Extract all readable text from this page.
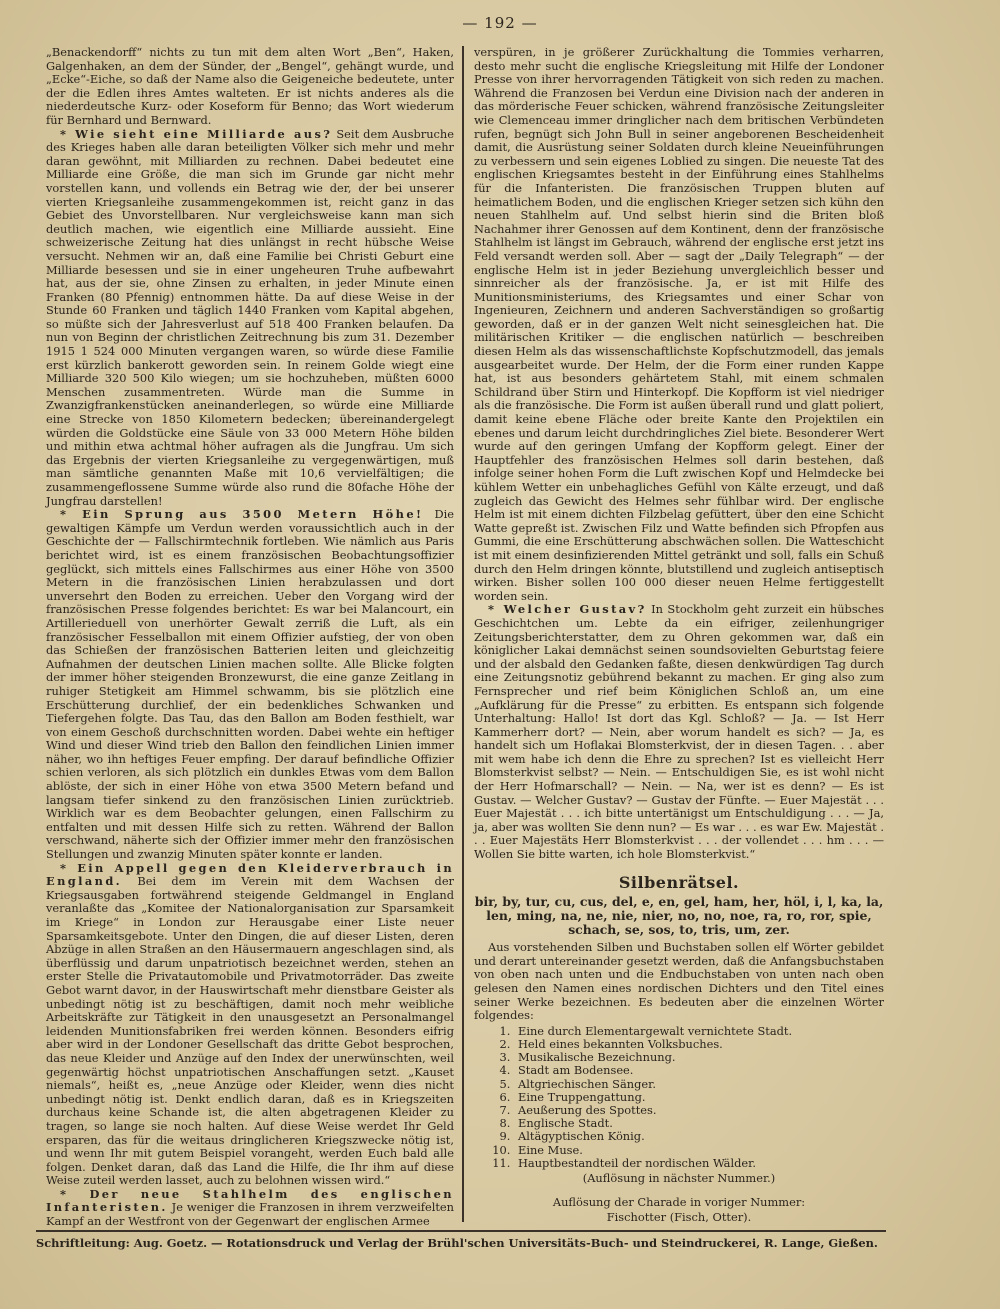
— 192 —

„Benackendorff“ nichts zu tun mit dem alten Wort „Ben“, Haken, Galgenhaken, an dem der Sünder, der „Bengel“, gehängt wurde, und „Ecke“-Eiche, so daß der Name also die Geigeneiche bedeutete, unter der die Edlen ihres Amtes walteten. Er ist nichts anderes als die niederdeutsche Kurz- oder Koseform für Benno; das Wort wiederum für Bernhard und Bernward.

* Wie sieht eine Milliarde aus? Seit dem Ausbruche des Krieges haben alle daran beteiligten Völker sich mehr und mehr daran gewöhnt, mit Milliarden zu rechnen. Dabei bedeutet eine Milliarde eine Größe, die man sich im Grunde gar nicht mehr vorstellen kann, und vollends ein Betrag wie der, der bei unserer vierten Kriegsanleihe zusammengekommen ist, reicht ganz in das Gebiet des Unvorstellbaren. Nur vergleichsweise kann man sich deutlich machen, wie eigentlich eine Milliarde aussieht. Eine schweizerische Zeitung hat dies unlängst in recht hübsche Weise versucht. Nehmen wir an, daß eine Familie bei Christi Geburt eine Milliarde besessen und sie in einer ungeheuren Truhe aufbewahrt hat, aus der sie, ohne Zinsen zu erhalten, in jeder Minute einen Franken (80 Pfennig) entnommen hätte. Da auf diese Weise in der Stunde 60 Franken und täglich 1440 Franken vom Kapital abgehen, so müßte sich der Jahresverlust auf 518 400 Franken belaufen. Da nun von Beginn der christlichen Zeitrechnung bis zum 31. Dezember 1915 1 524 000 Minuten vergangen waren, so würde diese Familie erst kürzlich bankerott geworden sein. In reinem Golde wiegt eine Milliarde 320 500 Kilo wiegen; um sie hochzuheben, müßten 6000 Menschen zusammentreten. Würde man die Summe in Zwanzigfrankenstücken aneinanderlegen, so würde eine Milliarde eine Strecke von 1850 Kilometern bedecken; übereinandergelegt würden die Goldstücke eine Säule von 33 000 Metern Höhe bilden und mithin etwa achtmal höher aufragen als die Jungfrau. Um sich das Ergebnis der vierten Kriegsanleihe zu vergegenwärtigen, muß man sämtliche genannten Maße mit 10,6 vervielfältigen; die zusammengeflossene Summe würde also rund die 80fache Höhe der Jungfrau darstellen!

* Ein Sprung aus 3500 Metern Höhe! Die gewaltigen Kämpfe um Verdun werden voraussichtlich auch in der Geschichte der — Fallschirmtechnik fortleben. Wie nämlich aus Paris berichtet wird, ist es einem französischen Beobachtungsoffizier geglückt, sich mittels eines Fallschirmes aus einer Höhe von 3500 Metern in die französischen Linien herabzulassen und dort unversehrt den Boden zu erreichen. Ueber den Vorgang wird der französischen Presse folgendes berichtet: Es war bei Malancourt, ein Artillerieduell von unerhörter Gewalt zerriß die Luft, als ein französischer Fesselballon mit einem Offizier aufstieg, der von oben das Schießen der französischen Batterien leiten und gleichzeitig Aufnahmen der deutschen Linien machen sollte. Alle Blicke folgten der immer höher steigenden Bronzewurst, die eine ganze Zeitlang in ruhiger Stetigkeit am Himmel schwamm, bis sie plötzlich eine Erschütterung durchlief, der ein bedenkliches Schwanken und Tiefergehen folgte. Das Tau, das den Ballon am Boden festhielt, war von einem Geschoß durchschnitten worden. Dabei wehte ein heftiger Wind und dieser Wind trieb den Ballon den feindlichen Linien immer näher, wo ihn heftiges Feuer empfing. Der darauf befindliche Offizier schien verloren, als sich plötzlich ein dunkles Etwas vom dem Ballon ablöste, der sich in einer Höhe von etwa 3500 Metern befand und langsam tiefer sinkend zu den französischen Linien zurücktrieb. Wirklich war es dem Beobachter gelungen, einen Fallschirm zu entfalten und mit dessen Hilfe sich zu retten. Während der Ballon verschwand, näherte sich der Offizier immer mehr den französischen Stellungen und zwanzig Minuten später konnte er landen.

* Ein Appell gegen den Kleiderverbrauch in England. Bei dem im Verein mit dem Wachsen der Kriegsausgaben fortwährend steigende Geldmangel in England veranlaßte das „Komitee der Nationalorganisation zur Sparsamkeit im Kriege“ in London zur Herausgabe einer Liste neuer Sparsamkeitsgebote. Unter den Dingen, die auf dieser Listen, deren Abzüge in allen Straßen an den Häusermauern angeschlagen sind, als überflüssig und darum unpatriotisch bezeichnet werden, stehen an erster Stelle die Privatautomobile und Privatmotorräder. Das zweite Gebot warnt davor, in der Hauswirtschaft mehr dienstbare Geister als unbedingt nötig ist zu beschäftigen, damit noch mehr weibliche Arbeitskräfte zur Tätigkeit in den unausgesetzt an Personalmangel leidenden Munitionsfabriken frei werden können. Besonders eifrig aber wird in der Londoner Gesellschaft das dritte Gebot besprochen, das neue Kleider und Anzüge auf den Index der unerwünschten, weil gegenwärtig höchst unpatriotischen Anschaffungen setzt. „Kauset niemals“, heißt es, „neue Anzüge oder Kleider, wenn dies nicht unbedingt nötig ist. Denkt endlich daran, daß es in Kriegszeiten durchaus keine Schande ist, die alten abgetragenen Kleider zu tragen, so lange sie noch halten. Auf diese Weise werdet Ihr Geld ersparen, das für die weitaus dringlicheren Kriegszwecke nötig ist, und wenn Ihr mit gutem Beispiel vorangeht, werden Euch bald alle folgen. Denket daran, daß das Land die Hilfe, die Ihr ihm auf diese Weise zuteil werden lasset, auch zu belohnen wissen wird.“

* Der neue Stahlhelm des englischen Infanteristen. Je weniger die Franzosen in ihrem verzweifelten Kampf an der Westfront von der Gegenwart der englischen Armee

verspüren, in je größerer Zurückhaltung die Tommies verharren, desto mehr sucht die englische Kriegsleitung mit Hilfe der Londoner Presse von ihrer hervorragenden Tätigkeit von sich reden zu machen. Während die Franzosen bei Verdun eine Division nach der anderen in das mörderische Feuer schicken, während französische Zeitungsleiter wie Clemenceau immer dringlicher nach dem britischen Verbündeten rufen, begnügt sich John Bull in seiner angeborenen Bescheidenheit damit, die Ausrüstung seiner Soldaten durch kleine Neueinführungen zu verbessern und sein eigenes Loblied zu singen. Die neueste Tat des englischen Kriegsamtes besteht in der Einführung eines Stahlhelms für die Infanteristen. Die französischen Truppen bluten auf heimatlichem Boden, und die englischen Krieger setzen sich kühn den neuen Stahlhelm auf. Und selbst hierin sind die Briten bloß Nachahmer ihrer Genossen auf dem Kontinent, denn der französische Stahlhelm ist längst im Gebrauch, während der englische erst jetzt ins Feld versandt werden soll. Aber — sagt der „Daily Telegraph“ — der englische Helm ist in jeder Beziehung unvergleichlich besser und sinnreicher als der französische. Ja, er ist mit Hilfe des Munitionsministeriums, des Kriegsamtes und einer Schar von Ingenieuren, Zeichnern und anderen Sachverständigen so großartig geworden, daß er in der ganzen Welt nicht seinesgleichen hat. Die militärischen Kritiker — die englischen natürlich — beschreiben diesen Helm als das wissenschaftlichste Kopfschutzmodell, das jemals ausgearbeitet wurde. Der Helm, der die Form einer runden Kappe hat, ist aus besonders gehärtetem Stahl, mit einem schmalen Schildrand über Stirn und Hinterkopf. Die Kopfform ist viel niedriger als die französische. Die Form ist außen überall rund und glatt poliert, damit keine ebene Fläche oder breite Kante den Projektilen ein ebenes und darum leicht durchdringliches Ziel biete. Besonderer Wert wurde auf den geringen Umfang der Kopfform gelegt. Einer der Hauptfehler des französischen Helmes soll darin bestehen, daß infolge seiner hohen Form die Luft zwischen Kopf und Helmdecke bei kühlem Wetter ein unbehagliches Gefühl von Kälte erzeugt, und daß zugleich das Gewicht des Helmes sehr fühlbar wird. Der englische Helm ist mit einem dichten Filzbelag gefüttert, über den eine Schicht Watte gepreßt ist. Zwischen Filz und Watte befinden sich Pfropfen aus Gummi, die eine Erschütterung abschwächen sollen. Die Watteschicht ist mit einem desinfizierenden Mittel getränkt und soll, falls ein Schuß durch den Helm dringen könnte, blutstillend und zugleich antiseptisch wirken. Bisher sollen 100 000 dieser neuen Helme fertiggestellt worden sein.

* Welcher Gustav? In Stockholm geht zurzeit ein hübsches Geschichtchen um. Lebte da ein eifriger, zeilenhungriger Zeitungsberichterstatter, dem zu Ohren gekommen war, daß ein königlicher Lakai demnächst seinen soundsovielten Geburtstag feiere und der alsbald den Gedanken faßte, diesen denkwürdigen Tag durch eine Zeitungsnotiz gebührend bekannt zu machen. Er ging also zum Fernsprecher und rief beim Königlichen Schloß an, um eine „Aufklärung für die Presse“ zu erbitten. Es entspann sich folgende Unterhaltung: Hallo! Ist dort das Kgl. Schloß? — Ja. — Ist Herr Kammerherr dort? — Nein, aber worum handelt es sich? — Ja, es handelt sich um Hoflakai Blomsterkvist, der in diesen Tagen. . . aber mit wem habe ich denn die Ehre zu sprechen? Ist es vielleicht Herr Blomsterkvist selbst? — Nein. — Entschuldigen Sie, es ist wohl nicht der Herr Hofmarschall? — Nein. — Na, wer ist es denn? — Es ist Gustav. — Welcher Gustav? — Gustav der Fünfte. — Euer Majestät . . . Euer Majestät . . . ich bitte untertänigst um Entschuldigung . . . — Ja, ja, aber was wollten Sie denn nun? — Es war . . . es war Ew. Majestät . . . Euer Majestäts Herr Blomsterkvist . . . der vollendet . . . hm . . . — Wollen Sie bitte warten, ich hole Blomsterkvist.“

Silbenrätsel.
bir, by, tur, cu, cus, del, e, en, gel, ham, her, höl, i, l, ka, la, len, ming, na, ne, nie, nier, no, no, noe, ra, ro, ror, spie, schach, se, sos, to, tris, um, zer.

Aus vorstehenden Silben und Buchstaben sollen elf Wörter gebildet und derart untereinander gesetzt werden, daß die Anfangsbuchstaben von oben nach unten und die Endbuchstaben von unten nach oben gelesen den Namen eines nordischen Dichters und den Titel eines seiner Werke bezeichnen. Es bedeuten aber die einzelnen Wörter folgendes:

1. Eine durch Elementargewalt vernichtete Stadt.
2. Held eines bekannten Volksbuches.
3. Musikalische Bezeichnung.
4. Stadt am Bodensee.
5. Altgriechischen Sänger.
6. Eine Truppengattung.
7. Aeußerung des Spottes.
8. Englische Stadt.
9. Altägyptischen König.
10. Eine Muse.
11. Hauptbestandteil der nordischen Wälder.
(Auflösung in nächster Nummer.)
Auflösung der Charade in voriger Nummer:
Fischotter (Fisch, Otter).
Schriftleitung: Aug. Goetz. — Rotationsdruck und Verlag der Brühl'schen Universitäts-Buch- und Steindruckerei, R. Lange, Gießen.
